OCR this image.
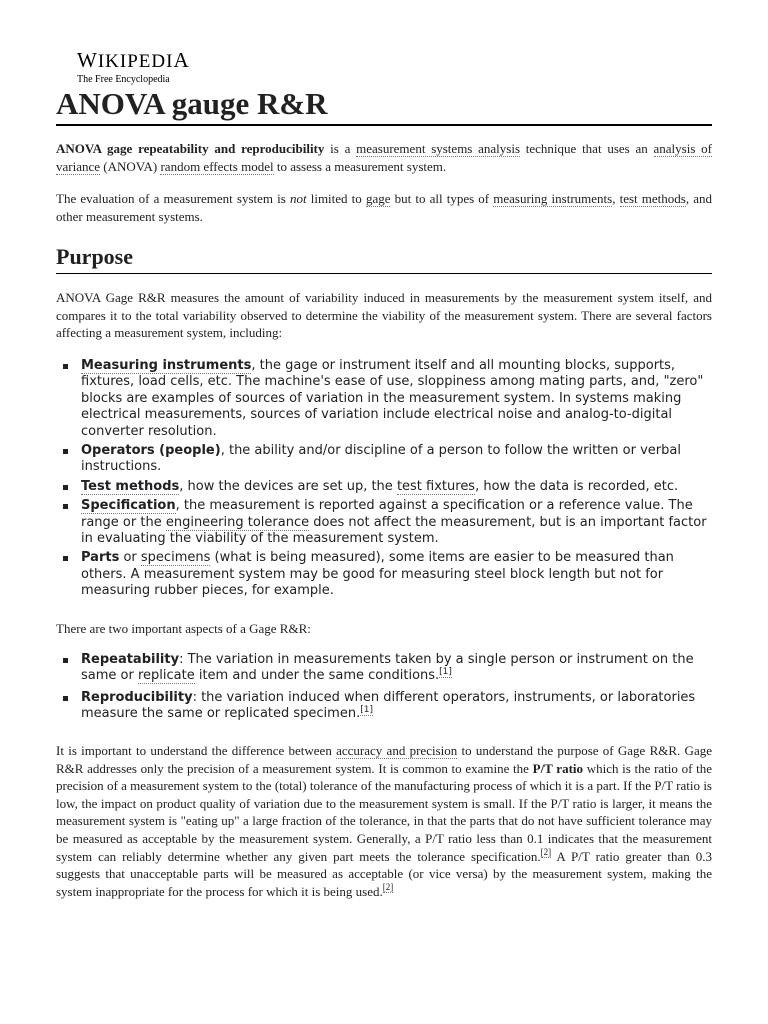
WIKIPEDIA
The Free Encyclopedia
ANOVA gauge R&R

ANOVA gage repeatability and reproducibility is a measurement systems analysis technique that uses an analysis of variance (ANOVA) random effects model to assess a measurement system.

The evaluation of a measurement system is not limited to gage but to all types of measuring instruments, test methods, and other measurement systems.

Purpose

ANOVA Gage R&R measures the amount of variability induced in measurements by the measurement system itself, and compares it to the total variability observed to determine the viability of the measurement system. There are several factors affecting a measurement system, including:

Measuring instruments, the gage or instrument itself and all mounting blocks, supports, fixtures, load cells, etc. The machine's ease of use, sloppiness among mating parts, and, "zero" blocks are examples of sources of variation in the measurement system. In systems making electrical measurements, sources of variation include electrical noise and analog-to-digital converter resolution.
Operators (people), the ability and/or discipline of a person to follow the written or verbal instructions.
Test methods, how the devices are set up, the test fixtures, how the data is recorded, etc.
Specification, the measurement is reported against a specification or a reference value. The range or the engineering tolerance does not affect the measurement, but is an important factor in evaluating the viability of the measurement system.
Parts or specimens (what is being measured), some items are easier to be measured than others. A measurement system may be good for measuring steel block length but not for measuring rubber pieces, for example.

There are two important aspects of a Gage R&R:

Repeatability: The variation in measurements taken by a single person or instrument on the same or replicate item and under the same conditions.[1]
Reproducibility: the variation induced when different operators, instruments, or laboratories measure the same or replicated specimen.[1]

It is important to understand the difference between accuracy and precision to understand the purpose of Gage R&R. Gage R&R addresses only the precision of a measurement system. It is common to examine the P/T ratio which is the ratio of the precision of a measurement system to the (total) tolerance of the manufacturing process of which it is a part. If the P/T ratio is low, the impact on product quality of variation due to the measurement system is small. If the P/T ratio is larger, it means the measurement system is "eating up" a large fraction of the tolerance, in that the parts that do not have sufficient tolerance may be measured as acceptable by the measurement system. Generally, a P/T ratio less than 0.1 indicates that the measurement system can reliably determine whether any given part meets the tolerance specification.[2] A P/T ratio greater than 0.3 suggests that unacceptable parts will be measured as acceptable (or vice versa) by the measurement system, making the system inappropriate for the process for which it is being used.[2]
